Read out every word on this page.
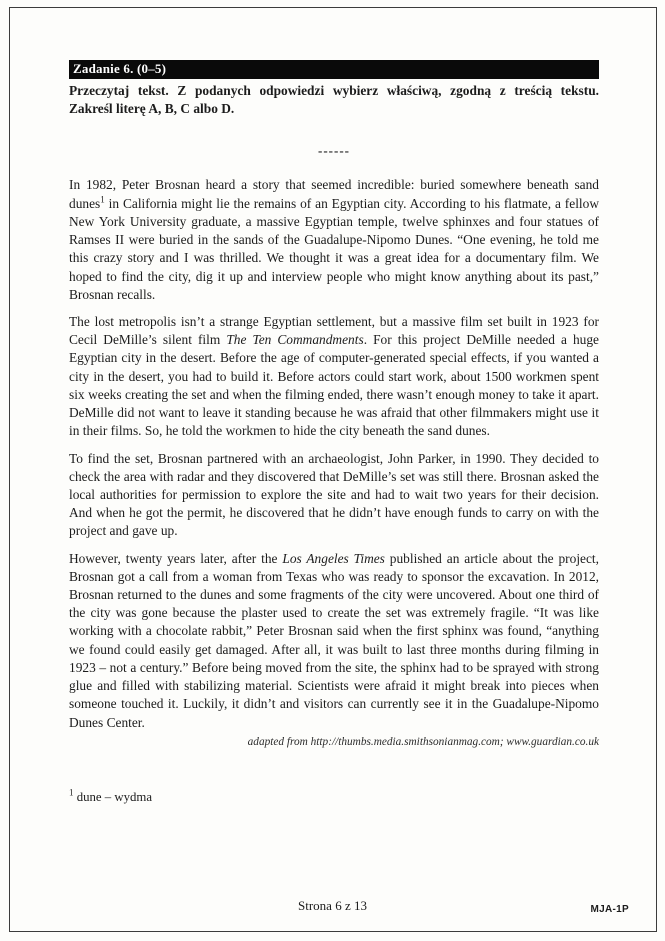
Zadanie 6. (0–5)
Przeczytaj tekst. Z podanych odpowiedzi wybierz właściwą, zgodną z treścią tekstu.
Zakreśl literę A, B, C albo D.
------

In 1982, Peter Brosnan heard a story that seemed incredible: buried somewhere beneath sand dunes$^1$ in California might lie the remains of an Egyptian city. According to his flatmate, a fellow New York University graduate, a massive Egyptian temple, twelve sphinxes and four statues of Ramses II were buried in the sands of the Guadalupe-Nipomo Dunes. “One evening, he told me this crazy story and I was thrilled. We thought it was a great idea for a documentary film. We hoped to find the city, dig it up and interview people who might know anything about its past,” Brosnan recalls.

The lost metropolis isn’t a strange Egyptian settlement, but a massive film set built in 1923 for Cecil DeMille’s silent film The Ten Commandments. For this project DeMille needed a huge Egyptian city in the desert. Before the age of computer-generated special effects, if you wanted a city in the desert, you had to build it. Before actors could start work, about 1500 workmen spent six weeks creating the set and when the filming ended, there wasn’t enough money to take it apart. DeMille did not want to leave it standing because he was afraid that other filmmakers might use it in their films. So, he told the workmen to hide the city beneath the sand dunes.

To find the set, Brosnan partnered with an archaeologist, John Parker, in 1990. They decided to check the area with radar and they discovered that DeMille’s set was still there. Brosnan asked the local authorities for permission to explore the site and had to wait two years for their decision. And when he got the permit, he discovered that he didn’t have enough funds to carry on with the project and gave up.

However, twenty years later, after the Los Angeles Times published an article about the project, Brosnan got a call from a woman from Texas who was ready to sponsor the excavation. In 2012, Brosnan returned to the dunes and some fragments of the city were uncovered. About one third of the city was gone because the plaster used to create the set was extremely fragile. “It was like working with a chocolate rabbit,” Peter Brosnan said when the first sphinx was found, “anything we found could easily get damaged. After all, it was built to last three months during filming in 1923 – not a century.” Before being moved from the site, the sphinx had to be sprayed with strong glue and filled with stabilizing material. Scientists were afraid it might break into pieces when someone touched it. Luckily, it didn’t and visitors can currently see it in the Guadalupe-Nipomo Dunes Center.

adapted from http://thumbs.media.smithsonianmag.com; www.guardian.co.uk
$^1$ dune – wydma
Strona 6 z 13	MJA-1P
